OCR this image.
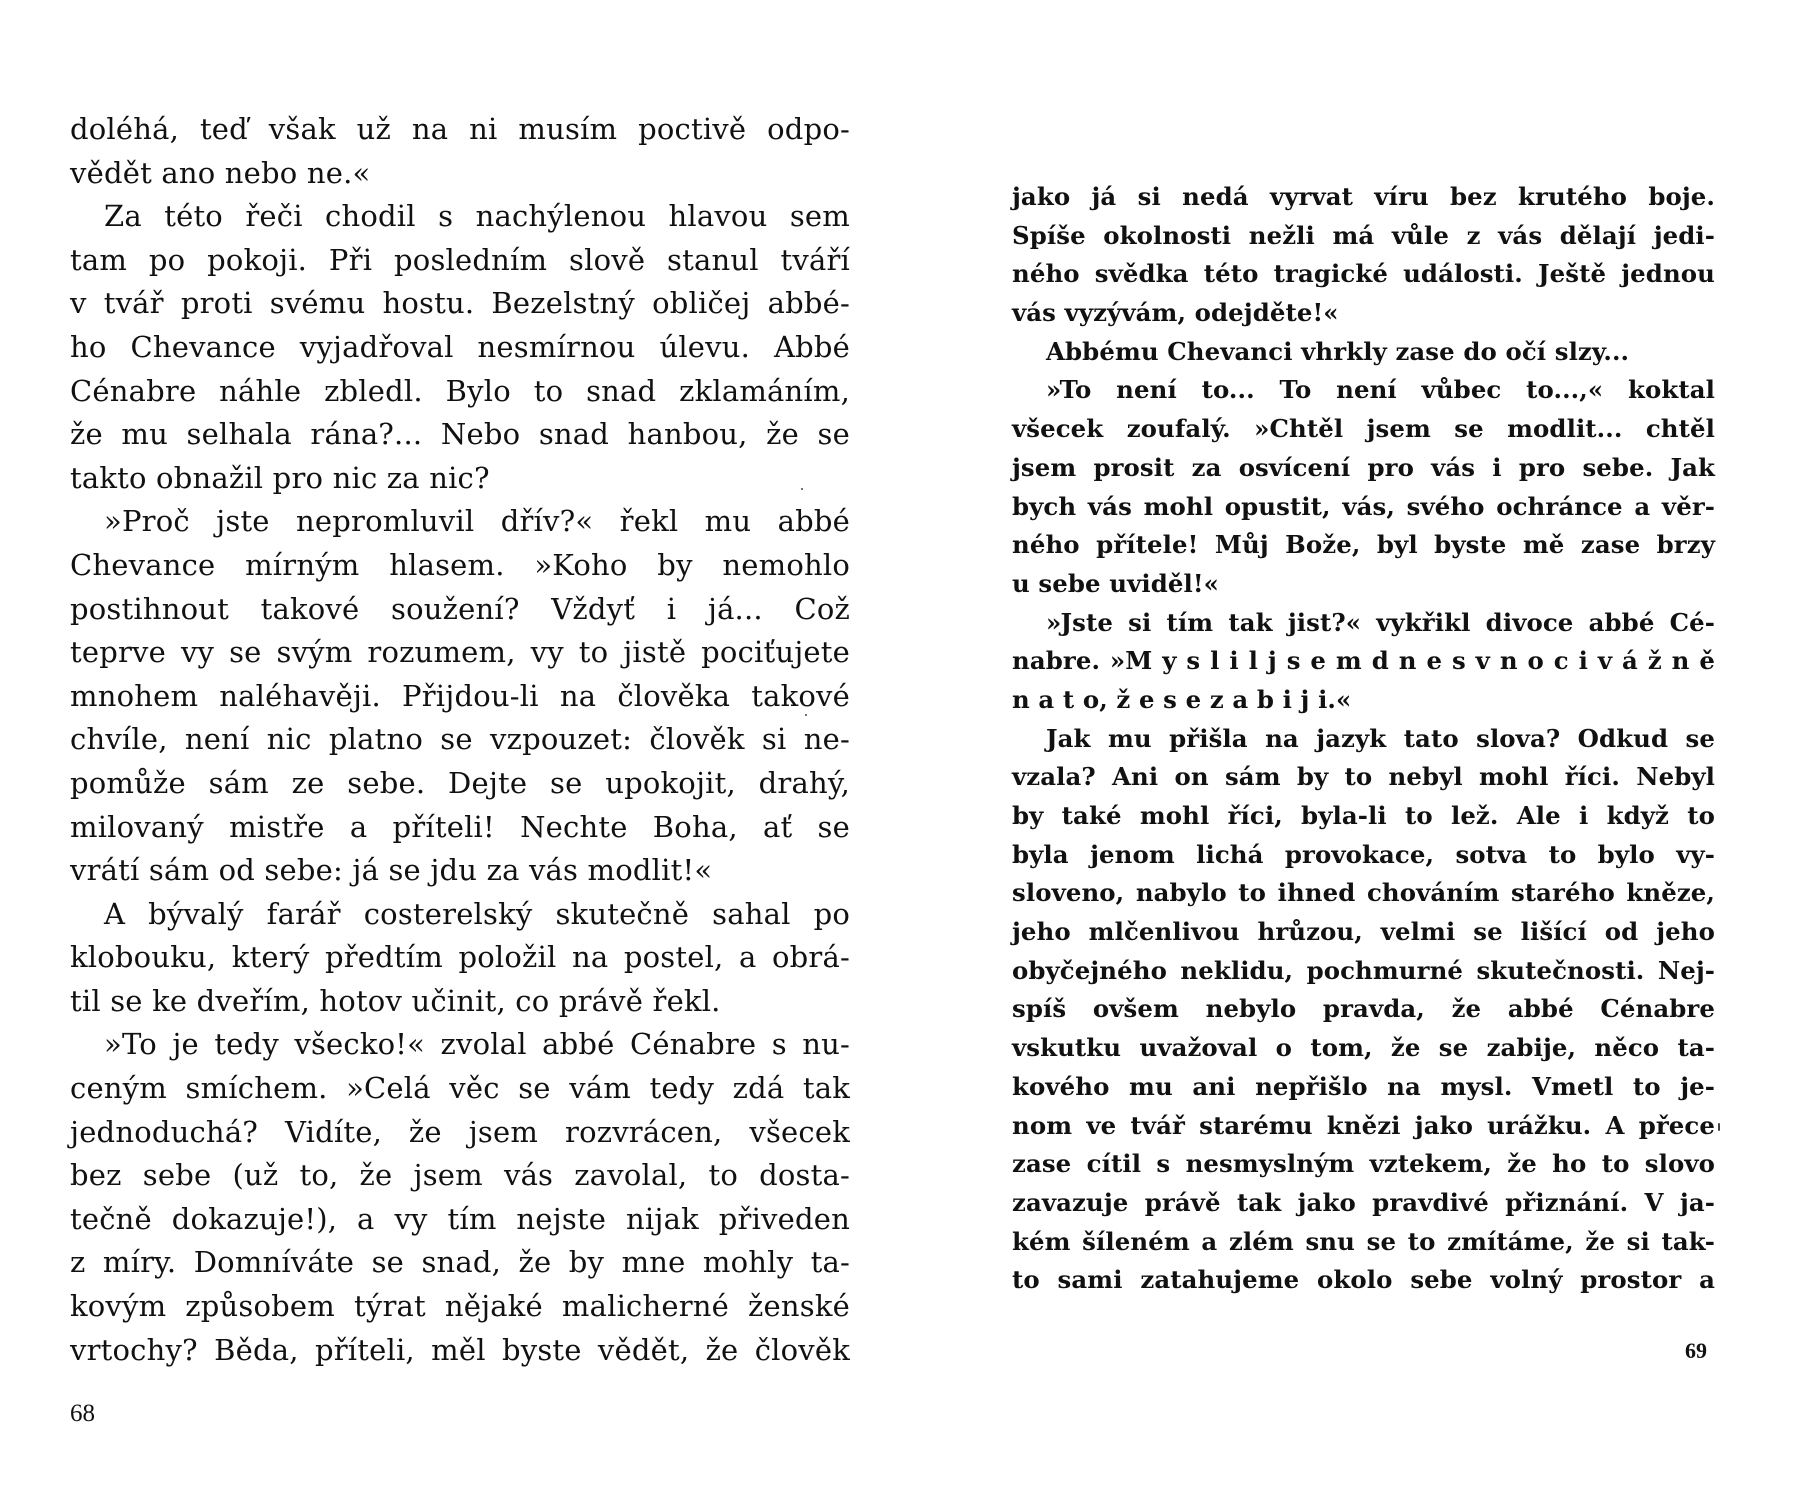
doléhá, teď však už na ni musím poctivě odpo-
vědět ano nebo ne.«
Za této řeči chodil s nachýlenou hlavou sem
tam po pokoji. Při posledním slově stanul tváří
v tvář proti svému hostu. Bezelstný obličej abbé-
ho Chevance vyjadřoval nesmírnou úlevu. Abbé
Cénabre náhle zbledl. Bylo to snad zklamáním,
že mu selhala rána?... Nebo snad hanbou, že se
takto obnažil pro nic za nic?
»Proč jste nepromluvil dřív?« řekl mu abbé
Chevance mírným hlasem. »Koho by nemohlo
postihnout takové soužení? Vždyť i já... Což
teprve vy se svým rozumem, vy to jistě pociťujete
mnohem naléhavěji. Přijdou-li na člověka takové
chvíle, není nic platno se vzpouzet: člověk si ne-
pomůže sám ze sebe. Dejte se upokojit, drahý,
milovaný mistře a příteli! Nechte Boha, ať se
vrátí sám od sebe: já se jdu za vás modlit!«
A bývalý farář costerelský skutečně sahal po
klobouku, který předtím položil na postel, a obrá-
til se ke dveřím, hotov učinit, co právě řekl.
»To je tedy všecko!« zvolal abbé Cénabre s nu-
ceným smíchem. »Celá věc se vám tedy zdá tak
jednoduchá? Vidíte, že jsem rozvrácen, všecek
bez sebe (už to, že jsem vás zavolal, to dosta-
tečně dokazuje!), a vy tím nejste nijak přiveden
z míry. Domníváte se snad, že by mne mohly ta-
kovým způsobem týrat nějaké malicherné ženské
vrtochy? Běda, příteli, měl byste vědět, že člověk
jako já si nedá vyrvat víru bez krutého boje.
Spíše okolnosti nežli má vůle z vás dělají jedi-
ného svědka této tragické události. Ještě jednou
vás vyzývám, odejděte!«
Abbému Chevanci vhrkly zase do očí slzy...
»To není to... To není vůbec to...,« koktal
všecek zoufalý. »Chtěl jsem se modlit... chtěl
jsem prosit za osvícení pro vás i pro sebe. Jak
bych vás mohl opustit, vás, svého ochránce a věr-
ného přítele! Můj Bože, byl byste mě zase brzy
u sebe uviděl!«
»Jste si tím tak jist?« vykřikl divoce abbé Cé-
nabre. »M y s l i l j s e m d n e s v n o c i v á ž n ě
n a t o, ž e s e z a b i j i.«
Jak mu přišla na jazyk tato slova? Odkud se
vzala? Ani on sám by to nebyl mohl říci. Nebyl
by také mohl říci, byla-li to lež. Ale i když to
byla jenom lichá provokace, sotva to bylo vy-
sloveno, nabylo to ihned chováním starého kněze,
jeho mlčenlivou hrůzou, velmi se lišící od jeho
obyčejného neklidu, pochmurné skutečnosti. Nej-
spíš ovšem nebylo pravda, že abbé Cénabre
vskutku uvažoval o tom, že se zabije, něco ta-
kového mu ani nepřišlo na mysl. Vmetl to je-
nom ve tvář starému knězi jako urážku. A přece
zase cítil s nesmyslným vztekem, že ho to slovo
zavazuje právě tak jako pravdivé přiznání. V ja-
kém šíleném a zlém snu se to zmítáme, že si tak-
to sami zatahujeme okolo sebe volný prostor a
68
69
